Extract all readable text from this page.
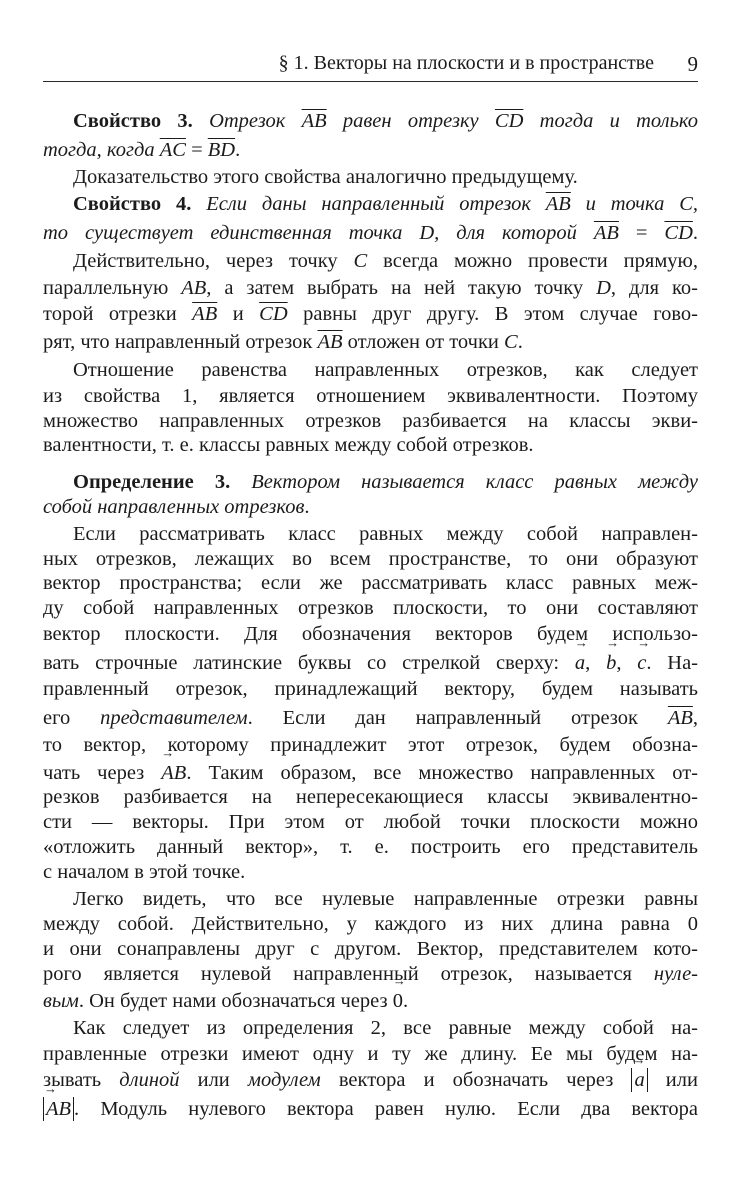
§ 1. Векторы на плоскости и в пространстве 9
Свойство 3. Отрезок $\overline{AB}$ равен отрезку $\overline{CD}$ тогда и только
тогда, когда $\overline{AC} = \overline{BD}$.
Доказательство этого свойства аналогично предыдущему.
Свойство 4. Если даны направленный отрезок $\overline{AB}$ и точка C,
то существует единственная точка D, для которой $\overline{AB} = \overline{CD}$.
Действительно, через точку C всегда можно провести прямую,
параллельную AB, а затем выбрать на ней такую точку D, для ко-
торой отрезки $\overline{AB}$ и $\overline{CD}$ равны друг другу. В этом случае гово-
рят, что направленный отрезок $\overline{AB}$ отложен от точки C.
Отношение равенства направленных отрезков, как следует
из свойства 1, является отношением эквивалентности. Поэтому
множество направленных отрезков разбивается на классы экви-
валентности, т. е. классы равных между собой отрезков.
Определение 3. Вектором называется класс равных между
собой направленных отрезков.
Если рассматривать класс равных между собой направлен-
ных отрезков, лежащих во всем пространстве, то они образуют
вектор пространства; если же рассматривать класс равных меж-
ду собой направленных отрезков плоскости, то они составляют
вектор плоскости. Для обозначения векторов будем использо-
вать строчные латинские буквы со стрелкой сверху: → a, → b, → c. На-
правленный отрезок, принадлежащий вектору, будем называть
его представителем. Если дан направленный отрезок $\overline{AB}$,
то вектор, которому принадлежит этот отрезок, будем обозна-
чать через → AB. Таким образом, все множество направленных от-
резков разбивается на непересекающиеся классы эквивалентно-
сти — векторы. При этом от любой точки плоскости можно
«отложить данный вектор», т. е. построить его представитель
с началом в этой точке.
Легко видеть, что все нулевые направленные отрезки равны
между собой. Действительно, у каждого из них длина равна 0
и они сонаправлены друг с другом. Вектор, представителем кото-
рого является нулевой направленный отрезок, называется нуле-
вым. Он будет нами обозначаться через → 0.
Как следует из определения 2, все равные между собой на-
правленные отрезки имеют одну и ту же длину. Ее мы будем на-
зывать длиной или модулем вектора и обозначать через → a или
→ AB . Модуль нулевого вектора равен нулю. Если два вектора
